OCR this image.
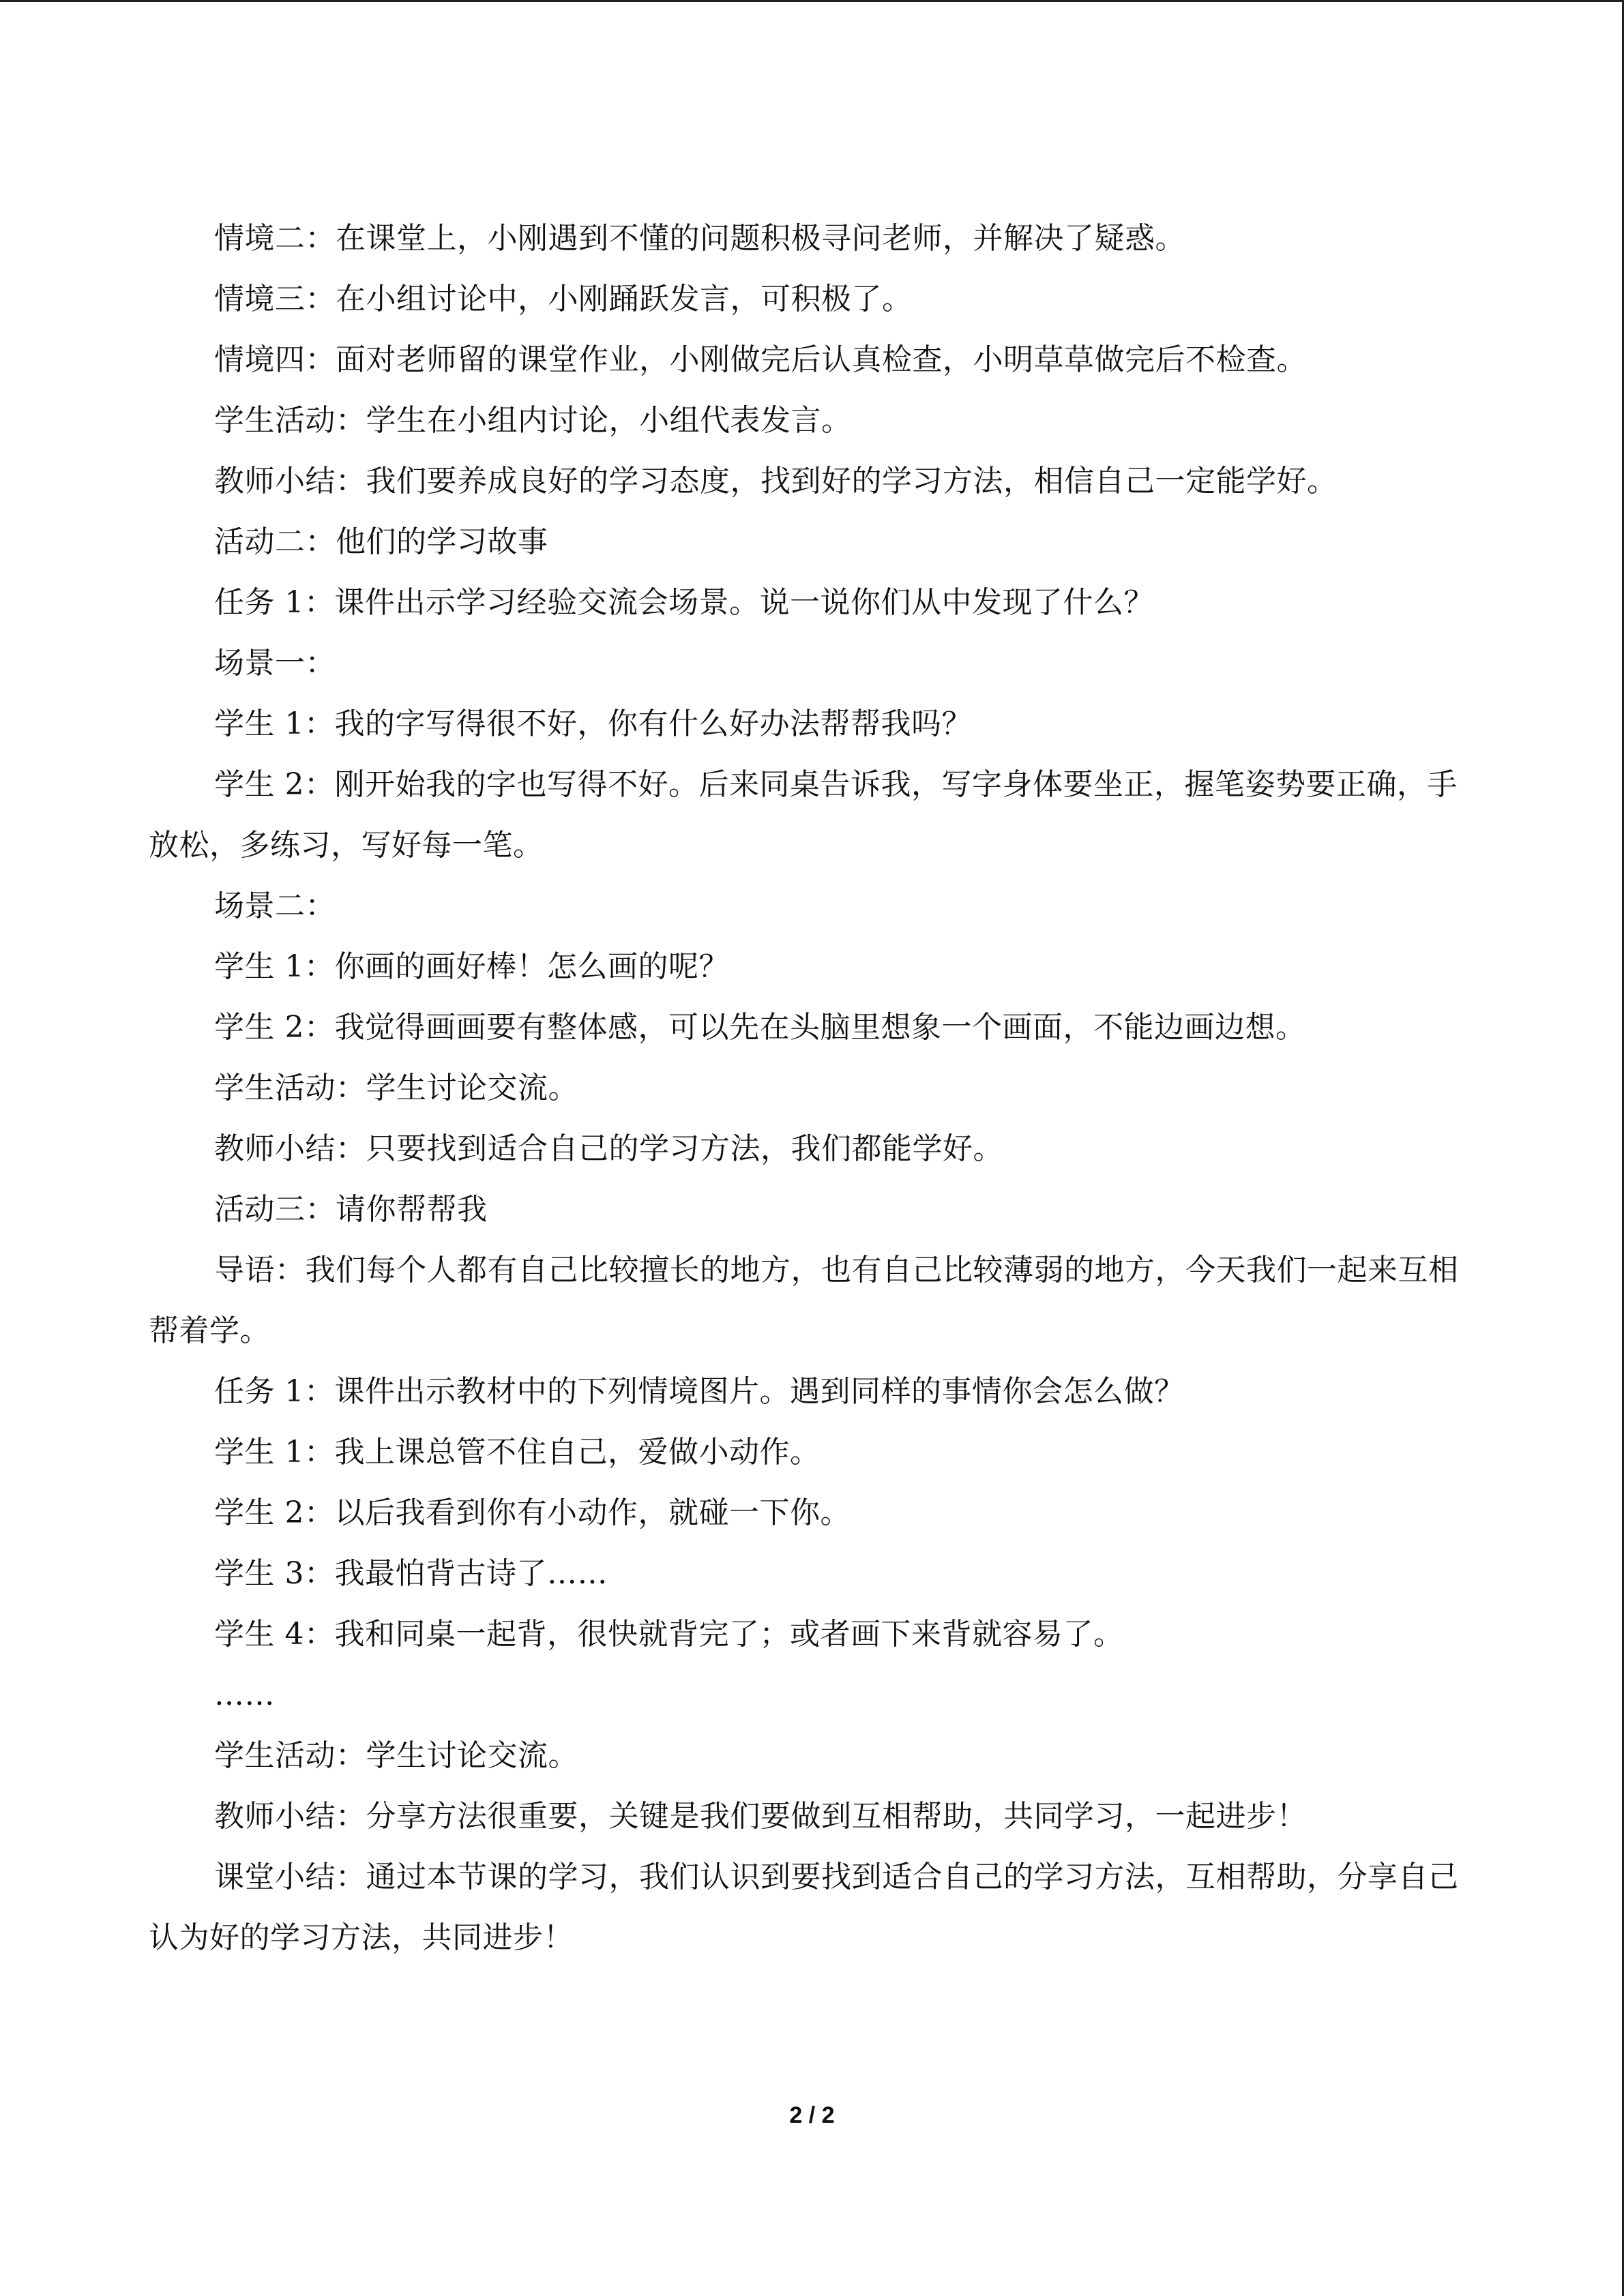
情境二：在课堂上，小刚遇到不懂的问题积极寻问老师，并解决了疑惑。

情境三：在小组讨论中，小刚踊跃发言，可积极了。

情境四：面对老师留的课堂作业，小刚做完后认真检查，小明草草做完后不检查。

学生活动：学生在小组内讨论，小组代表发言。

教师小结：我们要养成良好的学习态度，找到好的学习方法，相信自己一定能学好。

活动二：他们的学习故事

任务 1：课件出示学习经验交流会场景。说一说你们从中发现了什么？

场景一：

学生 1：我的字写得很不好，你有什么好办法帮帮我吗？

学生 2：刚开始我的字也写得不好。后来同桌告诉我，写字身体要坐正，握笔姿势要正确，手放松，多练习，写好每一笔。

场景二：

学生 1：你画的画好棒！怎么画的呢？

学生 2：我觉得画画要有整体感，可以先在头脑里想象一个画面，不能边画边想。

学生活动：学生讨论交流。

教师小结：只要找到适合自己的学习方法，我们都能学好。

活动三：请你帮帮我

导语：我们每个人都有自己比较擅长的地方，也有自己比较薄弱的地方，今天我们一起来互相帮着学。

任务 1：课件出示教材中的下列情境图片。遇到同样的事情你会怎么做？

学生 1：我上课总管不住自己，爱做小动作。

学生 2：以后我看到你有小动作，就碰一下你。

学生 3：我最怕背古诗了……

学生 4：我和同桌一起背，很快就背完了；或者画下来背就容易了。

……

学生活动：学生讨论交流。

教师小结：分享方法很重要，关键是我们要做到互相帮助，共同学习，一起进步！

课堂小结：通过本节课的学习，我们认识到要找到适合自己的学习方法，互相帮助，分享自己认为好的学习方法，共同进步！

2 / 2
